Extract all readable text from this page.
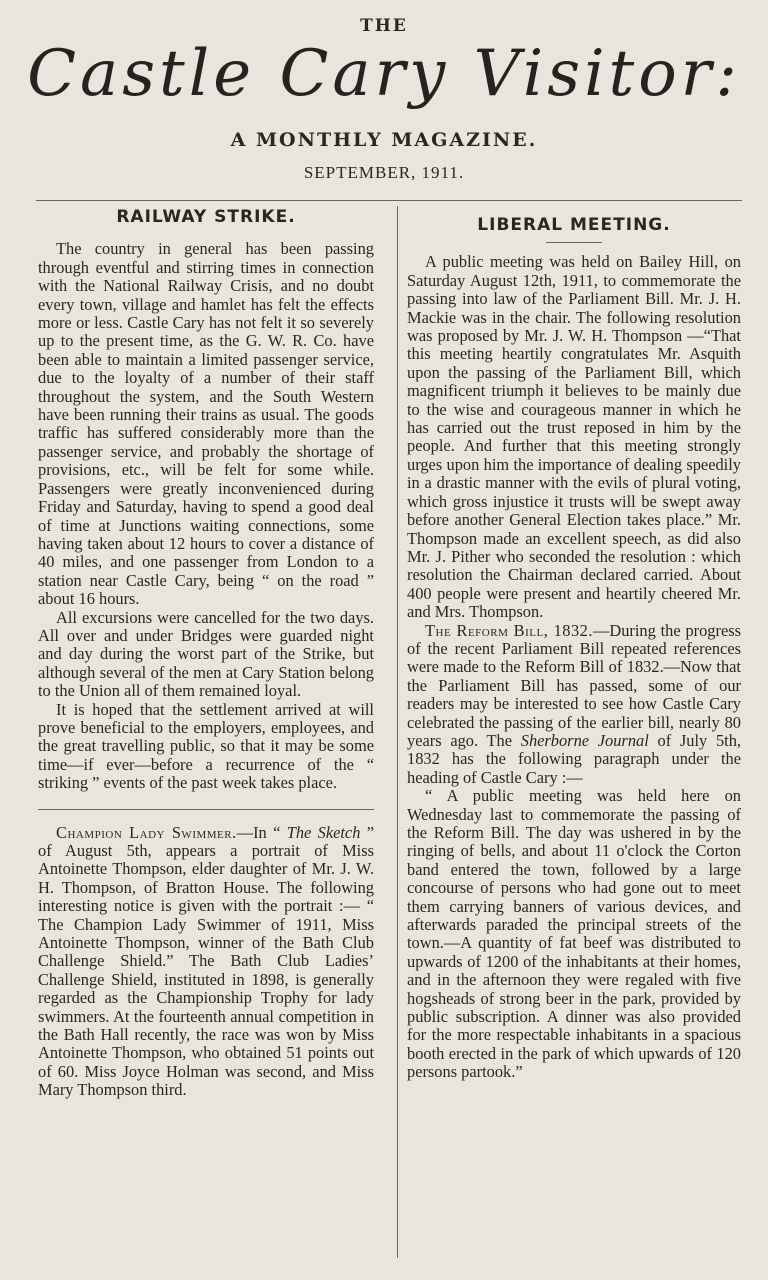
THE
Castle Cary Visitor:
A MONTHLY MAGAZINE.
SEPTEMBER, 1911.
RAILWAY STRIKE.

The country in general has been passing through eventful and stirring times in connection with the National Railway Crisis, and no doubt every town, village and hamlet has felt the effects more or less. Castle Cary has not felt it so severely up to the present time, as the G. W. R. Co. have been able to maintain a limited passenger service, due to the loyalty of a number of their staff throughout the system, and the South Western have been running their trains as usual. The goods traffic has suffered considerably more than the passenger service, and probably the shortage of provisions, etc., will be felt for some while. Passengers were greatly inconvenienced during Friday and Saturday, having to spend a good deal of time at Junctions waiting connections, some having taken about 12 hours to cover a distance of 40 miles, and one passenger from London to a station near Castle Cary, being “ on the road ” about 16 hours.

All excursions were cancelled for the two days. All over and under Bridges were guarded night and day during the worst part of the Strike, but although several of the men at Cary Station belong to the Union all of them remained loyal.

It is hoped that the settlement arrived at will prove beneficial to the employers, employees, and the great travelling public, so that it may be some time—if ever—before a recurrence of the “ striking ” events of the past week takes place.

Champion Lady Swimmer.—In “ The Sketch ” of August 5th, appears a portrait of Miss Antoinette Thompson, elder daughter of Mr. J. W. H. Thompson, of Bratton House. The following interesting notice is given with the portrait :— “ The Champion Lady Swimmer of 1911, Miss Antoinette Thompson, winner of the Bath Club Challenge Shield.” The Bath Club Ladies’ Challenge Shield, instituted in 1898, is generally regarded as the Championship Trophy for lady swimmers. At the fourteenth annual competition in the Bath Hall recently, the race was won by Miss Antoinette Thompson, who obtained 51 points out of 60. Miss Joyce Holman was second, and Miss Mary Thompson third.

LIBERAL MEETING.

A public meeting was held on Bailey Hill, on Saturday August 12th, 1911, to commemorate the passing into law of the Parliament Bill. Mr. J. H. Mackie was in the chair. The following resolution was proposed by Mr. J. W. H. Thompson —“That this meeting heartily congratulates Mr. Asquith upon the passing of the Parliament Bill, which magnificent triumph it believes to be mainly due to the wise and courageous manner in which he has carried out the trust reposed in him by the people. And further that this meeting strongly urges upon him the importance of dealing speedily in a drastic manner with the evils of plural voting, which gross injustice it trusts will be swept away before another General Election takes place.” Mr. Thompson made an excellent speech, as did also Mr. J. Pither who seconded the resolution : which resolution the Chairman declared carried. About 400 people were present and heartily cheered Mr. and Mrs. Thompson.

The Reform Bill, 1832.—During the progress of the recent Parliament Bill repeated references were made to the Reform Bill of 1832.—Now that the Parliament Bill has passed, some of our readers may be interested to see how Castle Cary celebrated the passing of the earlier bill, nearly 80 years ago. The Sherborne Journal of July 5th, 1832 has the following paragraph under the heading of Castle Cary :—

“ A public meeting was held here on Wednesday last to commemorate the passing of the Reform Bill. The day was ushered in by the ringing of bells, and about 11 o'clock the Corton band entered the town, followed by a large concourse of persons who had gone out to meet them carrying banners of various devices, and afterwards paraded the principal streets of the town.—A quantity of fat beef was distributed to upwards of 1200 of the inhabitants at their homes, and in the afternoon they were regaled with five hogsheads of strong beer in the park, provided by public subscription. A dinner was also provided for the more respectable inhabitants in a spacious booth erected in the park of which upwards of 120 persons partook.”
